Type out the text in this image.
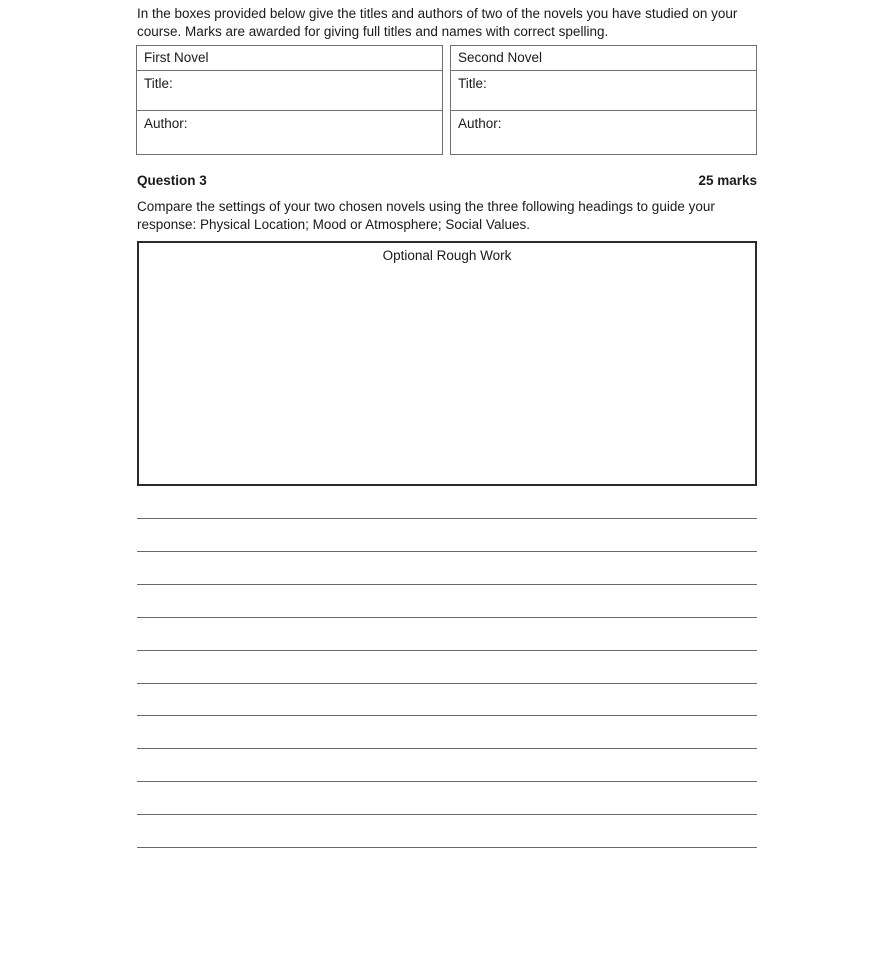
In the boxes provided below give the titles and authors of two of the novels you have studied on your course. Marks are awarded for giving full titles and names with correct spelling.
First Novel
Title:
Author:
Second Novel
Title:
Author:
Question 3	25 marks
Compare the settings of your two chosen novels using the three following headings to guide your response: Physical Location; Mood or Atmosphere; Social Values.
Optional Rough Work
